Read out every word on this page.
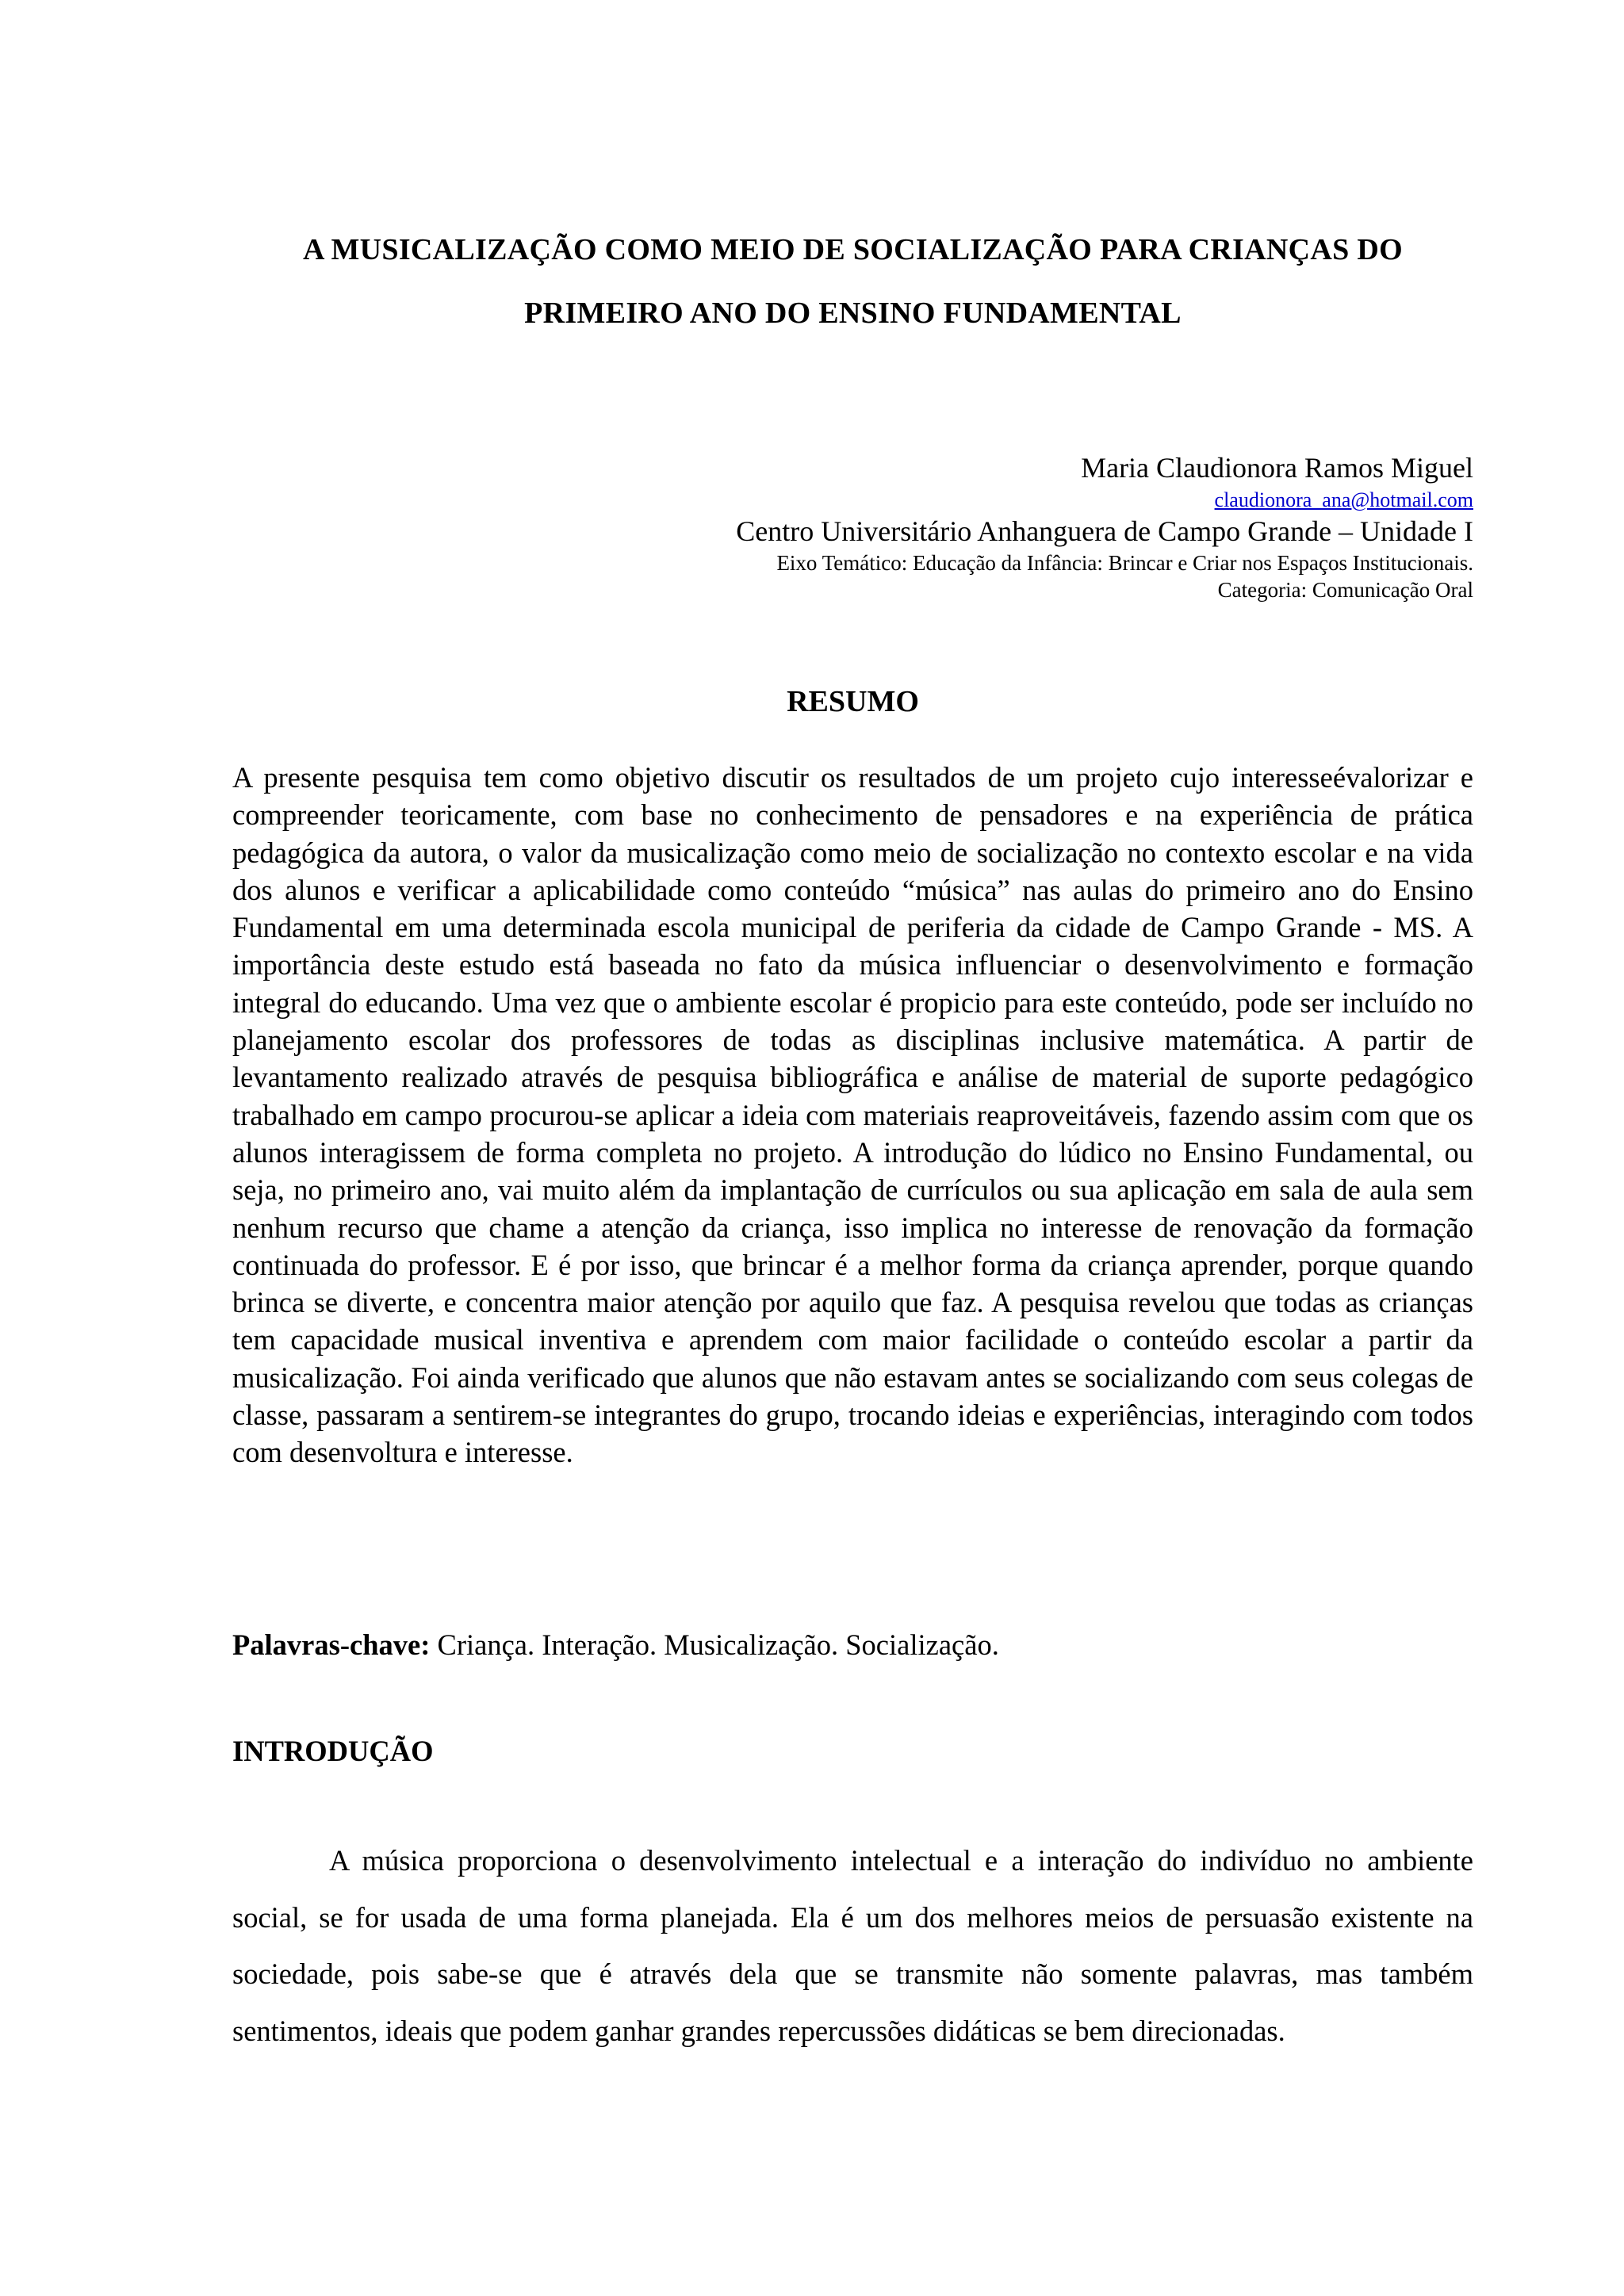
A MUSICALIZAÇÃO COMO MEIO DE SOCIALIZAÇÃO PARA CRIANÇAS DO
PRIMEIRO ANO DO ENSINO FUNDAMENTAL
Maria Claudionora Ramos Miguel
claudionora_ana@hotmail.com
Centro Universitário Anhanguera de Campo Grande – Unidade I
Eixo Temático: Educação da Infância: Brincar e Criar nos Espaços Institucionais.
Categoria: Comunicação Oral
RESUMO

A presente pesquisa tem como objetivo discutir os resultados de um projeto cujo interesseévalorizar e compreender teoricamente, com base no conhecimento de pensadores e na experiência de prática pedagógica da autora, o valor da musicalização como meio de socialização no contexto escolar e na vida dos alunos e verificar a aplicabilidade como conteúdo “música” nas aulas do primeiro ano do Ensino Fundamental em uma determinada escola municipal de periferia da cidade de Campo Grande - MS. A importância deste estudo está baseada no fato da música influenciar o desenvolvimento e formação integral do educando. Uma vez que o ambiente escolar é propicio para este conteúdo, pode ser incluído no planejamento escolar dos professores de todas as disciplinas inclusive matemática. A partir de levantamento realizado através de pesquisa bibliográfica e análise de material de suporte pedagógico trabalhado em campo procurou-se aplicar a ideia com materiais reaproveitáveis, fazendo assim com que os alunos interagissem de forma completa no projeto. A introdução do lúdico no Ensino Fundamental, ou seja, no primeiro ano, vai muito além da implantação de currículos ou sua aplicação em sala de aula sem nenhum recurso que chame a atenção da criança, isso implica no interesse de renovação da formação continuada do professor. E é por isso, que brincar é a melhor forma da criança aprender, porque quando brinca se diverte, e concentra maior atenção por aquilo que faz. A pesquisa revelou que todas as crianças tem capacidade musical inventiva e aprendem com maior facilidade o conteúdo escolar a partir da musicalização. Foi ainda verificado que alunos que não estavam antes se socializando com seus colegas de classe, passaram a sentirem-se integrantes do grupo, trocando ideias e experiências, interagindo com todos com desenvoltura e interesse.

Palavras-chave: Criança. Interação. Musicalização. Socialização.
INTRODUÇÃO

A música proporciona o desenvolvimento intelectual e a interação do indivíduo no ambiente social, se for usada de uma forma planejada. Ela é um dos melhores meios de persuasão existente na sociedade, pois sabe-se que é através dela que se transmite não somente palavras, mas também sentimentos, ideais que podem ganhar grandes repercussões didáticas se bem direcionadas.
